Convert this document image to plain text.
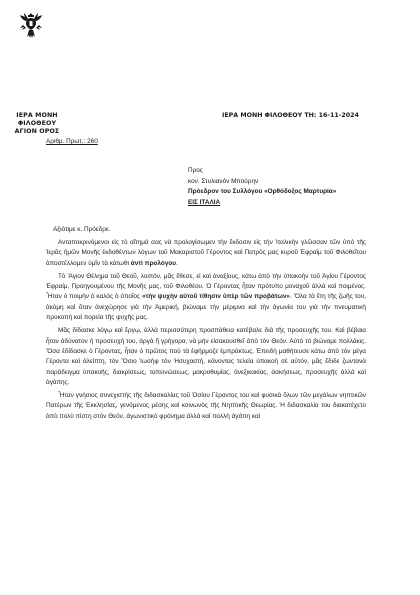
ΙΕΡΑ ΜΟΝΗ ΦΙΛΟΘΕΟΥ
ΑΓΙΟΝ ΟΡΟΣ
ΙΕΡΑ ΜΟΝΗ ΦΙΛΟΘΕΟΥ ΤΗ: 16-11-2024
Αριθμ. Πρωτ.: 260
Προς
κον. Στυλιανόν Μπούρην
Πρόεδρον του Συλλόγου «Ορθόδοξος Μαρτυρία»
ΕΙΣ ΙΤΑΛΙΑ
Αξιότιμε κ. Πρόεδρε.

Ανταποκρινόμενοι εἰς τὸ αἴτημά σας νὰ προλογίσωμεν τὴν ἔκδοσιν εἰς τὴν Ἰταλικὴν γλῶσσαν τῶν ὑπὸ τῆς Ἱερᾶς ἡμῶν Μονῆς ἐκδοθέντων λόγων τοῦ Μακαριστοῦ Γέροντος καὶ Πατρὸς μας κυροῦ Ἐφραὶμ τοῦ Φιλοθεΐτου ἀποστέλλομεν ὑμῖν τὰ κάτωθι ἀντὶ προλόγου.

Τὸ Ἅγιον Θέλημα τοῦ Θεοῦ, λοιπόν, μᾶς ἔθεσε, εἰ καὶ ἀναξίους, κάτω ἀπὸ τὴν ὑπακοὴν τοῦ Ἁγίου Γέροντος Ἐφραίμ, Προηγουμένου τῆς Μονῆς μας, τοῦ Φιλοθέου. Ὁ Γέροντας ἦταν πρότυπο μοναχοῦ ἀλλὰ καὶ ποιμένος. Ἦταν ὁ ποιμὴν ὁ καλὸς ὁ ὁποῖος «τὴν ψυχὴν αὐτοῦ τίθησιν ὑπὲρ τῶν προβάτων». Ὅλα τὰ ἔτη τῆς ζωῆς του, ἀκόμη καὶ ὅταν ἀνεχώρησε γιὰ τὴν Ἀμερική, βιώναμε τὴν μέριμνα καὶ τὴν ἀγωνία του γιὰ τὴν πνευματικὴ προκοπὴ καὶ πορεία τῆς ψυχῆς μας.

Μᾶς δίδασκε λόγῳ καὶ ἔργῳ, ἀλλὰ περισσότερη προσπάθεια κατέβαλε διὰ τῆς προσευχῆς του. Καὶ βέβαια ἦταν ἀδύνατον ἡ προσευχή του, ἀργὰ ἢ γρήγορα, νὰ μὴν εἰσακουσθεῖ ἀπὸ τὸν Θεόν. Αὐτὸ τὸ βιώναμε πολλάκις. Ὅσα ἐδίδασκε ὁ Γέροντας, ἦταν ὁ πρῶτος ποὺ τὰ ἐφήρμοζε ἐμπράκτως. Ἐπειδὴ μαθήτευσε κάτω ἀπὸ τὸν μέγα Γέροντα καὶ ἀλείπτη, τὸν Ὅσιο Ἰωσὴφ τὸν Ἡσυχαστή, κάνοντας τελεία ὑπακοὴ σὲ αὐτόν, μᾶς ἔδιδε ζωντανὰ παράδειγμα ὑπακοῆς, διακρίσεως, ταπεινώσεως, μακροθυμίας, ἀνεξικακίας, ἀσκήσεως, προσευχῆς ἀλλὰ καὶ ἀγάπης.

Ἦταν γνήσιος συνεχιστὴς τῆς διδασκαλίας τοῦ Ὁσίου Γέροντος του καὶ φυσικὰ ὅλων τῶν μεγάλων νηπτικῶν Πατέρων τῆς Ἐκκλησίας, γενόμενος μέσης καὶ κοινωνὸς τῆς Νηπτικῆς Θεωρίας. Ἡ διδασκαλία του διακατέχετο ἀπὸ πολὺ πίστη στὸν Θεόν, ἀγωνιστικὸ φρόνημα ἀλλὰ καὶ πολλὴ ἀγάπη καὶ
